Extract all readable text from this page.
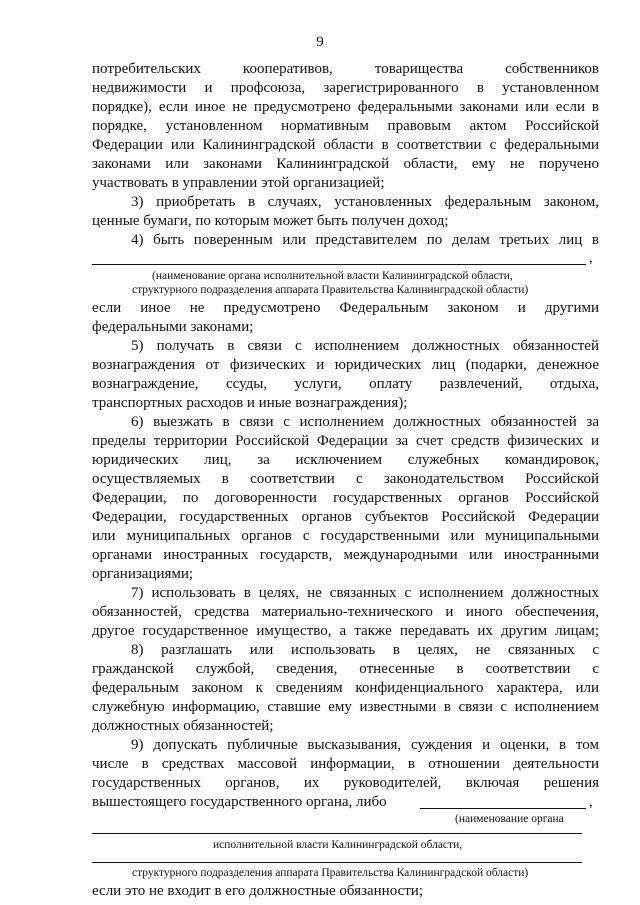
9
потребительских кооперативов, товарищества собственников
недвижимости и профсоюза, зарегистрированного в установленном
порядке), если иное не предусмотрено федеральными законами или если в
порядке, установленном нормативным правовым актом Российской
Федерации или Калининградской области в соответствии с федеральными
законами или законами Калининградской области, ему не поручено
участвовать в управлении этой организацией;
3) приобретать в случаях, установленных федеральным законом,
ценные бумаги, по которым может быть получен доход;
4) быть поверенным или представителем по делам третьих лиц в
,
(наименование органа исполнительной власти Калининградской области,
структурного подразделения аппарата Правительства Калининградской области)
если иное не предусмотрено Федеральным законом и другими
федеральными законами;
5) получать в связи с исполнением должностных обязанностей
вознаграждения от физических и юридических лиц (подарки, денежное
вознаграждение, ссуды, услуги, оплату развлечений, отдыха,
транспортных расходов и иные вознаграждения);
6) выезжать в связи с исполнением должностных обязанностей за
пределы территории Российской Федерации за счет средств физических и
юридических лиц, за исключением служебных командировок,
осуществляемых в соответствии с законодательством Российской
Федерации, по договоренности государственных органов Российской
Федерации, государственных органов субъектов Российской Федерации
или муниципальных органов с государственными или муниципальными
органами иностранных государств, международными или иностранными
организациями;
7) использовать в целях, не связанных с исполнением должностных
обязанностей, средства материально-технического и иного обеспечения,
другое государственное имущество, а также передавать их другим лицам;
8) разглашать или использовать в целях, не связанных с
гражданской службой, сведения, отнесенные в соответствии с
федеральным законом к сведениям конфиденциального характера, или
служебную информацию, ставшие ему известными в связи с исполнением
должностных обязанностей;
9) допускать публичные высказывания, суждения и оценки, в том
числе в средствах массовой информации, в отношении деятельности
государственных органов, их руководителей, включая решения
вышестоящего государственного органа, либо	,
(наименование органа
исполнительной власти Калининградской области,
структурного подразделения аппарата Правительства Калининградской области)
если это не входит в его должностные обязанности;
